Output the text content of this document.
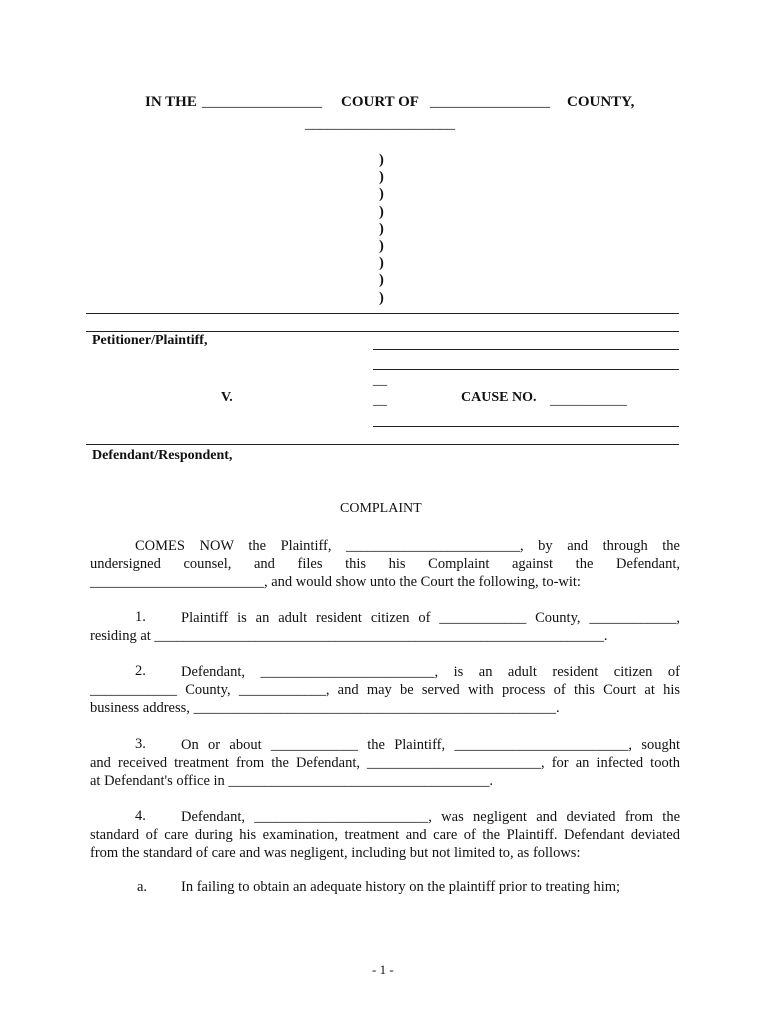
IN THE ________________ COURT OF ________________ COUNTY,
____________________
)
)
)
)
)
)
)
)
)
Petitioner/Plaintiff,
__
V.	__	CAUSE NO. ___________
Defendant/Respondent,
COMPLAINT
COMES NOW the Plaintiff, ________________________, by and through the
undersigned counsel, and files this his Complaint against the Defendant,
________________________, and would show unto the Court the following, to-wit:
1.	Plaintiff is an adult resident citizen of ____________ County, ____________,
residing at ______________________________________________________________.
2.	Defendant, ________________________, is an adult resident citizen of
____________ County, ____________, and may be served with process of this Court at his
business address, __________________________________________________.
3.	On or about ____________ the Plaintiff, ________________________, sought
and received treatment from the Defendant, ________________________, for an infected tooth
at Defendant's office in ____________________________________.
4.	Defendant, ________________________, was negligent and deviated from the
standard of care during his examination, treatment and care of the Plaintiff. Defendant deviated
from the standard of care and was negligent, including but not limited to, as follows:
a. In failing to obtain an adequate history on the plaintiff prior to treating him;
- 1 -
